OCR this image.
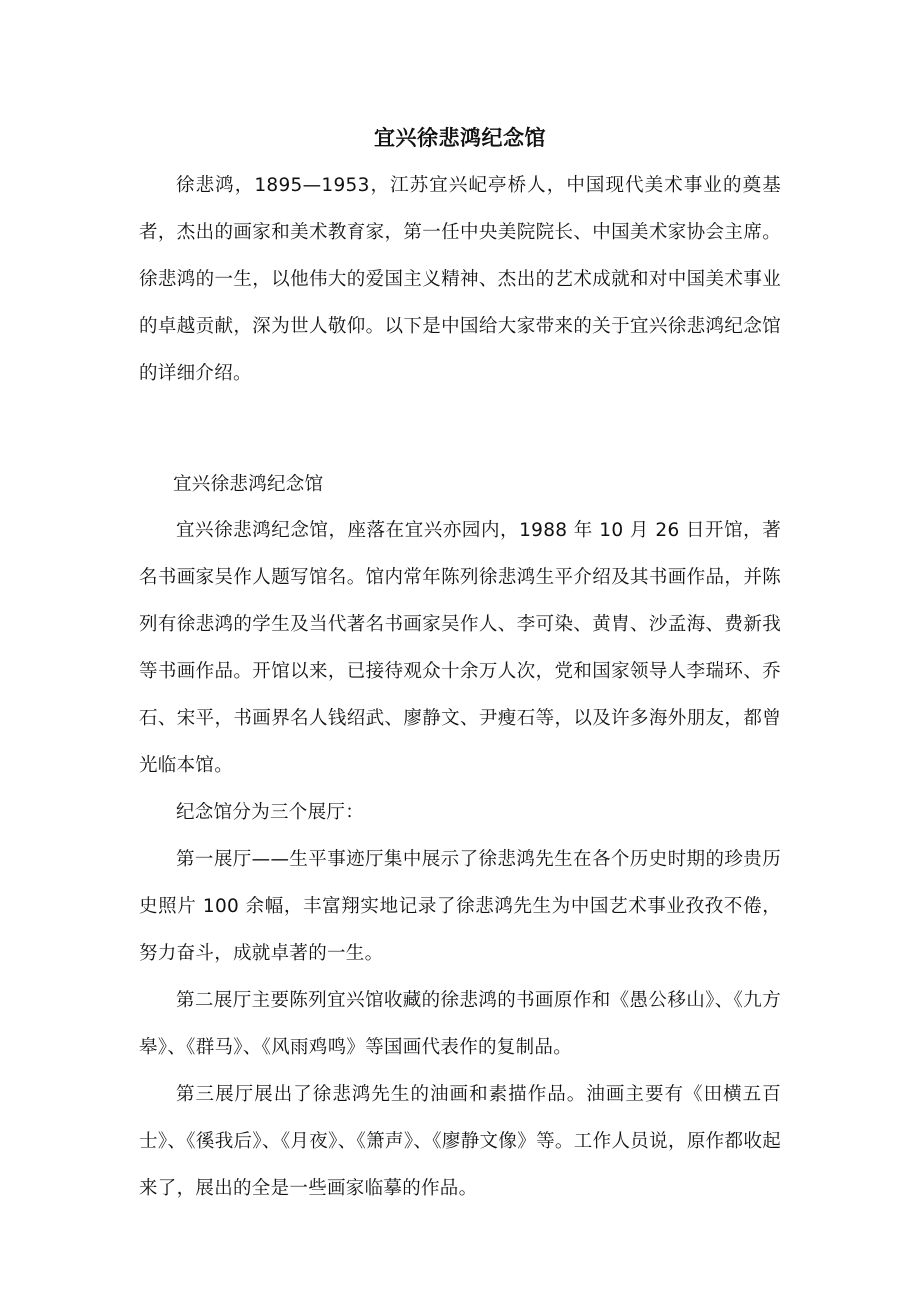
宜兴徐悲鸿纪念馆

徐悲鸿，1895—1953，江苏宜兴屺亭桥人，中国现代美术事业的奠基者，杰出的画家和美术教育家，第一任中央美院院长、中国美术家协会主席。徐悲鸿的一生，以他伟大的爱国主义精神、杰出的艺术成就和对中国美术事业的卓越贡献，深为世人敬仰。以下是中国给大家带来的关于宜兴徐悲鸿纪念馆的详细介绍。

宜兴徐悲鸿纪念馆

宜兴徐悲鸿纪念馆，座落在宜兴亦园内，1988 年 10 月 26 日开馆，著名书画家吴作人题写馆名。馆内常年陈列徐悲鸿生平介绍及其书画作品，并陈列有徐悲鸿的学生及当代著名书画家吴作人、李可染、黄胄、沙孟海、费新我等书画作品。开馆以来，已接待观众十余万人次，党和国家领导人李瑞环、乔石、宋平，书画界名人钱绍武、廖静文、尹瘦石等，以及许多海外朋友，都曾光临本馆。

纪念馆分为三个展厅：

第一展厅——生平事迹厅集中展示了徐悲鸿先生在各个历史时期的珍贵历史照片 100 余幅，丰富翔实地记录了徐悲鸿先生为中国艺术事业孜孜不倦，努力奋斗，成就卓著的一生。

第二展厅主要陈列宜兴馆收藏的徐悲鸿的书画原作和《愚公移山》、《九方皋》、《群马》、《风雨鸡鸣》等国画代表作的复制品。

第三展厅展出了徐悲鸿先生的油画和素描作品。油画主要有《田横五百士》、《徯我后》、《月夜》、《箫声》、《廖静文像》等。工作人员说，原作都收起来了，展出的全是一些画家临摹的作品。
